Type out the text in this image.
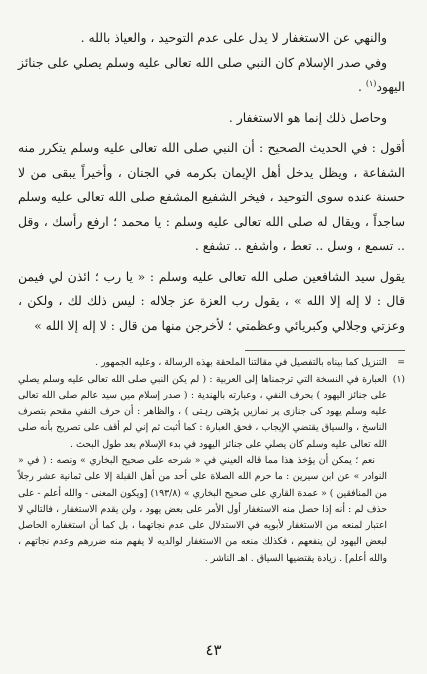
والنهي عن الاستغفار لا يدل على عدم التوحيد ، والعياذ بالله .

وفي صدر الإسلام كان النبي صلى الله تعالى عليه وسلم يصلي على جنائز اليهود$^{(١)}$ .

وحاصل ذلك إنما هو الاستغفار .

أقول : في الحديث الصحيح : أن النبي صلى الله تعالى عليه وسلم يتكرر منه الشفاعة ، ويظل يدخل أهل الإيمان بكرمه في الجنان ، وأخيراً يبقى من لا حسنة عنده سوى التوحيد ، فيخر الشفيع المشفع صلى الله تعالى عليه وسلم ساجداً ، ويقال له صلى الله تعالى عليه وسلم : يا محمد ؛ ارفع رأسك ، وقل .. تسمع ، وسل .. تعط ، واشفع .. تشفع .

يقول سيد الشافعين صلى الله تعالى عليه وسلم : « يا رب ؛ ائذن لي فيمن قال : لا إله إلا الله » ، يقول رب العزة عز جلاله : ليس ذلك لك ، ولكن ، وعزتي وجلالي وكبريائي وعظمتي ؛ لأخرجن منها من قال : لا إله إلا الله »

=
التنزيل كما بيناه بالتفصيل في مقالتنا الملحقة بهذه الرسالة ، وعليه الجمهور .

(١)
العبارة في النسخة التي ترجمناها إلى العربية : ( لم يكن النبي صلى الله تعالى عليه وسلم يصلي على جنائز اليهود ) بحرف النفي ، وعبارته بالهندية : ( صدر إسلام ميں سيد عالم صلى الله تعالى عليه وسلم يهود کی جنازی پر نمازيں پڑھتی رہتی ) ، والظاهر : أن حرف النفي مقحم بتصرف الناسخ ، والسياق يقتضي الإيجاب ، فحق العبارة : كما أثبت ثم إني لم أقف على تصريح بأنه صلى الله تعالى عليه وسلم كان يصلي على جنائز اليهود في بدء الإسلام بعد طول البحث .

نعم ؛ يمكن أن يؤخذ هذا مما قاله العيني في « شرحه على صحيح البخاري » ونصه : ( في « النوادر » عن ابن سيرين : ما حرم الله الصلاة على أحد من أهل القبلة إلا على ثمانية عشر رجلاً من المنافقين ) « عمدة القاري على صحيح البخاري » (١٩٣/٨) [ويكون المعنى - والله أعلم - على حذف لم : أنه إذا حصل منه الاستغفار أول الأمر على بعض يهود ، ولن يقدم الاستغفار ، فالتالي لا اعتبار لمنعه من الاستغفار لأبويه في الاستدلال على عدم نجاتهما ، بل كما أن استغفاره الحاصل لبعض اليهود لن ينفعهم ، فكذلك منعه من الاستغفار لوالديه لا يفهم منه ضررهم وعدم نجاتهم ، والله أعلم] . زيادة يقتضيها السياق . اهـ الناشر .

٤٣
